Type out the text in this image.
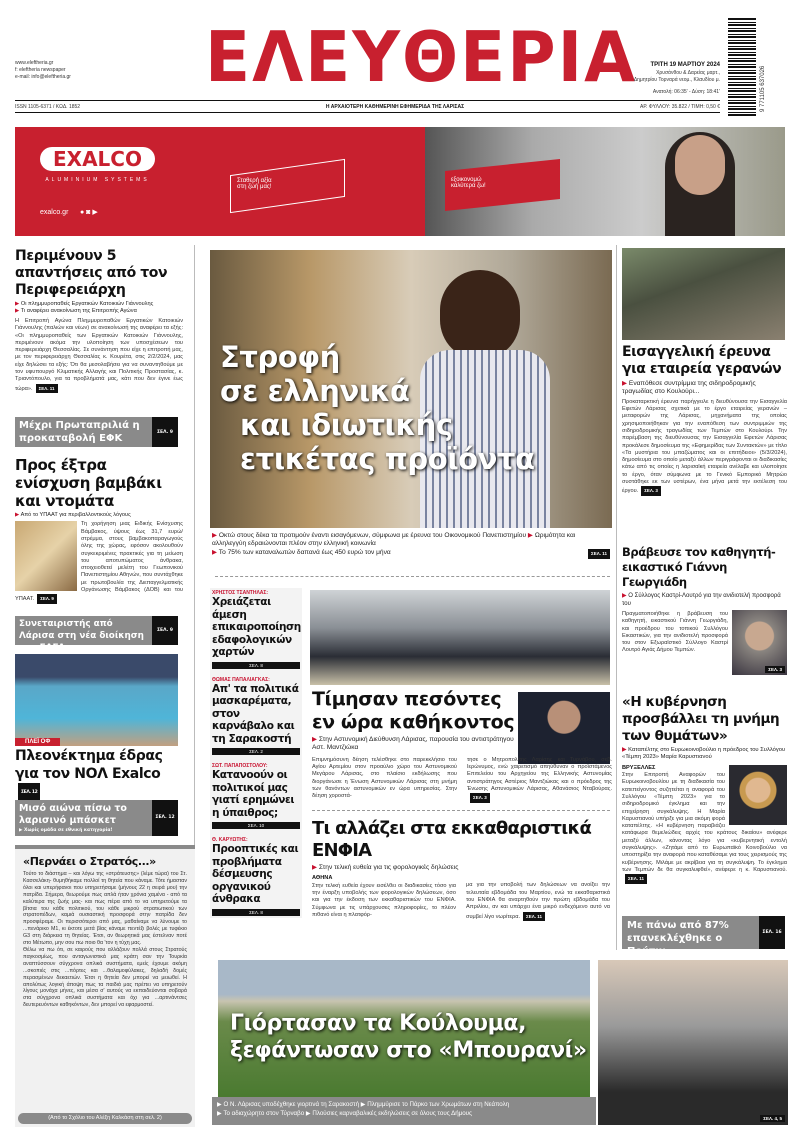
www.eleftheria.gr
f: eleftheria newspaper
e-mail: info@eleftheria.gr ΕΛΕΥΘΕΡΙΑ	ΤΡΙΤΗ 19 ΜΑΡΤΙΟΥ 2024
Χρυσάνθου & Δαρείας μαρτ.,
Δημητρίου Τορναρά νεομ., Κλαυδίου μ.
Ανατολή: 06:35' - Δύση: 18:41'	9 771105 637026
ISSN 1105-6371 / ΚΩΔ. 1852	Η ΑΡΧΑΙΟΤΕΡΗ ΚΑΘΗΜΕΡΙΝΗ ΕΦΗΜΕΡΙΔΑ ΤΗΣ ΛΑΡΙΣΑΣ	ΑΡ. ΦΥΛΛΟΥ: 35.822 / ΤΙΜΗ: 0,50 €
EXALCO
ALUMINIUM SYSTEMS
exalco.gr ● ◙ ▶
Σταθερή αξία
στη ζωή μας!
εξοικονομώ
καλύτερα ζω!
Περιμένουν 5 απαντήσεις από τον Περιφερειάρχη
▶ Οι πλημμυροπαθείς Εργατικών Κατοικιών Γιάννουλης
▶ Τι αναφέρει ανακοίνωση της Επιτροπής Αγώνα
Η Επιτροπή Αγώνα Πλημμυροπαθών Εργατικών Κατοικιών Γιάννουλης (παλιών και νέων) σε ανακοίνωσή της αναφέρει τα εξής: «Οι πλημμυροπαθείς των Εργατικών Κατοικιών Γιάννουλης, περιμένουν ακόμα την υλοποίηση των υποσχέσεων του περιφερειάρχη Θεσσαλίας. Σε συνάντηση που είχε η επιτροπή μας, με τον περιφερειάρχη Θεσσαλίας κ. Κουρέτα, στις 2/2/2024, μας είχε δηλώσει τα εξής: Ότι θα μεσολαβήσει για να συναντηθούμε με τον υφυπουργό Κλιματικής Αλλαγής και Πολιτικής Προστασίας, κ. Τριαντόπουλο, για τα προβλήματά μας, κάτι που δεν έγινε έως τώρα». ΣΕΛ. 11
Μέχρι Πρωταπριλιά η προκαταβολή ΕΦΚ
ΣΕΛ. 9
Προς έξτρα ενίσχυση βαμβάκι και ντομάτα
▶ Από το ΥΠΑΑΤ για περιβαλλοντικούς λόγους
Τη χορήγηση μιας Ειδικής Ενίσχυσης Βάμβακος, ύψους έως 31,7 ευρώ/στρέμμα, στους βαμβακοπαραγωγούς όλης της χώρας, εφόσον ακολουθούν συγκεκριμένες πρακτικές για τη μείωση του αποτυπώματος άνθρακα, στοιχειοθετεί μελέτη του Γεωπονικού Πανεπιστημίου Αθηνών, που συντάχθηκε με πρωτοβουλία της Διεπαγγελματικής Οργάνωσης Βάμβακος (ΔΟΒ) και του ΥΠΑΑΤ. ΣΕΛ. 9
Συνεταιριστής από Λάρισα στη νέα διοίκηση του ΕΛΓΑ
ΣΕΛ. 9
ΠΛΕΪ ΟΦ
Πλεονέκτημα έδρας για τον ΝΟΛ ExalcoΣΕΛ. 12
Μισό αιώνα πίσω το λαρισινό μπάσκετ
▶ Χωρίς ομάδα σε εθνική κατηγορία!
ΣΕΛ. 12
«Περνάει ο Στρατός...»
Τούτο το διάστημα – και λόγω της «στράτευσης» (λέμε τώρα) του Στ. Κασσελάκη- θυμηθήκαμε πολλοί τη θητεία που κάναμε. Τότε ήμασταν όλοι και υπερήφανοι που υπηρετήσαμε (μήνους 22 η σειρά μου) την πατρίδα. Σήμερα, θεωρούμε πως απλά ήταν χρόνια χαμένα - από τα καλύτερα της ζωής μας- και πως πέρα από το να υπηρετούμε τα βίτσια του κάθε πολιτικού, του κάθε μικρού στρατιωτικού των στρατοπέδων, καμιά ουσιαστική προσφορά στην πατρίδα δεν προσφέραμε. Οι περισσότεροι από μας, μαθαίναμε να λύνουμε το ...πενάρικο Μ1, κι έκτοτε μετά βίας κάναμε πεντέξι βολές με τυφέκιο G3 στη διάρκεια τη θητείας. Έτσι, αν θεωρητικά μας έστελναν ποτέ στο Μέτωπο, μην σου πω ποιο θα 'τον η τύχη μας.
Θέλω να πω ότι, σε καιρούς που αλλάζουν πολλά στους Στρατούς παγκοσμίως, που ανταγωνιστικά μας κράτη σαν την Τουρκία αναπτύσσουν σύγχρονα οπλικά συστήματα, εμείς έχουμε ακόμη ...σκοπιές στις ...πόρτες και ...θαλαμοφύλακες, δηλαδή δομές περασμένων δεκαετιών. Έτσι η θητεία δεν μπορεί να μειωθεί. Η απολύτως λογική άποψη πως τα παιδιά μας πρέπει να υπηρετούν λίγους μονάχα μήνες, και μέσα σ' αυτούς να εκπαιδεύονται σοβαρά στα σύγχρονα οπλικά συστήματα και όχι για ...αρτινάντσες δευτερευόντων καθηκόντων, δεν μπορεί να εφαρμοστεί.
(Από το Σχόλιο του Αλέξη Καλκάση στη σελ. 2)
Στροφή
σε ελληνικά
και ιδιωτικής
ετικέτας προϊόντα
▶ Οκτώ στους δέκα τα προτιμούν έναντι εισαγόμενων, σύμφωνα με έρευνα του Οικονομικού Πανεπιστημίου ▶ Ωριμότητα και αλληλεγγύη εδραιώνονται πλέον στην ελληνική κοινωνία
▶ Το 75% των καταναλωτών δαπανά έως 450 ευρώ τον μήνα	ΣΕΛ. 11
ΧΡΗΣΤΟΣ ΤΣΑΝΤΗΛΑΣ:
Χρειάζεται άμεση επικαιροποίηση εδαφολογικών χαρτών
ΣΕΛ. 8
ΘΩΜΑΣ ΠΑΠΑΛΙΑΓΚΑΣ:
Απ' τα πολιτικά μασκαρέματα, στον καρνάβαλο και τη Σαρακοστή
ΣΕΛ. 2
ΣΩΤ. ΠΑΠΑΠΟΣΤΟΛΟΥ:
Κατανοούν οι πολιτικοί μας γιατί ερημώνει η ύπαιθρος;
ΣΕΛ. 10
Θ. ΚΑΡΥΩΤΗΣ:
Προοπτικές και προβλήματα δέσμευσης οργανικού άνθρακα
ΣΕΛ. 8
Τίμησαν πεσόντες εν ώρα καθήκοντος
▶ Στην Αστυνομική Διεύθυνση Λάρισας, παρουσία του αντιστράτηγου Αστ. Μαντζιώκα
Επιμνημόσυνη δέηση τελέσθηκε στο παρεκκλήσιο του Αγίου Αρτεμίου στον προαύλιο χώρο του Αστυνομικού Μεγάρου Λάρισας, στο πλαίσιο εκδήλωσης που διοργάνωσε η Ένωση Αστυνομικών Λάρισας στη μνήμη των θανόντων αστυνομικών εν ώρα υπηρεσίας. Στην δέηση χοροστά-
τησε ο Μητροπολίτης Λαρίσης και Τυρνάβου, σεβ. Ιερώνυμος, ενώ χαιρετισμό απηύθυναν ο προϊστάμενος Επιτελείου του Αρχηγείου της Ελληνικής Αστυνομίας αντιστράτηγος Αστέριος Μαντζιώκας και ο πρόεδρος της Ένωσης Αστυνομικών Λάρισας, Αθανάσιος Νταβούρας.ΣΕΛ. 3
Τι αλλάζει στα εκκαθαριστικά ΕΝΦΙΑ
▶ Στην τελική ευθεία για τις φορολογικές δηλώσεις
ΑΘΗΝΑ
Στην τελική ευθεία έχουν εισέλθει οι διαδικασίες τόσο για την έναρξη υποβολής των φορολογικών δηλώσεων, όσο και για την έκδοση των εκκαθαριστικών του ΕΝΦΙΑ. Σύμφωνα με τις υπάρχουσες πληροφορίες, το πλέον πιθανό είναι η πλατφόρ-
μα για την υποβολή των δηλώσεων να ανοίξει την τελευταία εβδομάδα του Μαρτίου, ενώ τα εκκαθαριστικά του ΕΝΦΙΑ θα αναρτηθούν την πρώτη εβδομάδα του Απριλίου, αν και υπάρχει ένα μικρό ενδεχόμενο αυτό να συμβεί λίγο νωρίτερα. ΣΕΛ. 11
Εισαγγελική έρευνα για εταιρεία γερανών
▶ Εναπόθεσε συντρίμμια της σιδηροδρομικής τραγωδίας στο Κουλούρι...
Προκαταρκτική έρευνα παρήγγειλε η διευθύνουσα την Εισαγγελία Εφετών Λάρισας σχετικά με το έργο εταιρείας γερανών – μεταφορών της Λάρισας, μηχανήματα της οποίας χρησιμοποιήθηκαν για την εναπόθεση των συντριμμιών της σιδηροδρομικής τραγωδίας των Τεμπών στο Κουλούρι. Την παρέμβαση της διευθύνουσας την Εισαγγελία Εφετών Λάρισας προκάλεσε δημοσίευμα της «Εφημερίδας των Συντακτών» με τίτλο «Τα μυστήρια του μπαζώματος και οι επιτήδειοι» (5/3/2024), δημοσίευμα στο οποίο μεταξύ άλλων περιγράφονται οι διαδικασίες κάτω από τις οποίες η λαρισαϊκή εταιρεία ανέλαβε και υλοποίησε το έργο, όταν σύμφωνα με το Γενικό Εμπορικό Μητρώο συστάθηκε εκ των υστέρων, ένα μήνα μετά την εκτέλεση του έργου. ΣΕΛ. 3
Βράβευσε τον καθηγητή-εικαστικό Γιάννη Γεωργιάδη
▶ Ο Σύλλογος Καστρί-Λουτρό για την ανιδιοτελή προσφορά του
ΣΕΛ. 3
Πραγματοποιήθηκε η βράβευση του καθηγητή, εικαστικού Γιάννη Γεωργιάδη, και προέδρου του τοπικού Συλλόγου Εικαστικών, για την ανιδιοτελή προσφορά του στον Εξωραϊστικό Σύλλογο Καστρί Λουτρό Αγιάς Δήμου Τεμπών.
«Η κυβέρνηση προσβάλλει τη μνήμη των θυμάτων»
▶ Καταπέλτης στο Ευρωκοινοβούλιο η πρόεδρος του Συλλόγου «Τέμπη 2023» Μαρία Καρυστιανού
ΒΡΥΞΕΛΛΕΣ
Στην Επιτροπή Αναφορών του Ευρωκοινοβουλίου με τη διαδικασία του κατεπείγοντος συζητείται η αναφορά του Συλλόγου «Τέμπη 2023» για το σιδηροδρομικό έγκλημα και την επιχείρηση συγκάλυψης. Η Μαρία Καρυστιανού υπήρξε για μια ακόμη φορά καταπέλτης. «Η κυβέρνηση παραβιάζει κατάφωρα θεμελιώδεις αρχές του κράτους δικαίου» ανέφερε μεταξύ άλλων, κάνοντας λόγο για «κυβερνητική εντολή συγκάλυψης». «Ζητάμε από το Ευρωπαϊκό Κοινοβούλιο να υποστηρίξει την αναφορά που καταθέσαμε για τους χειρισμούς της κυβέρνησης. Μιλάμε με ακρίβεια για τη συγκάλυψη. Το έγκλημα των Τεμπών δε θα συγκαλυφθεί», ανέφερε η κ. Καρυστιανού.ΣΕΛ. 11
Με πάνω από 87% επανεκλέχθηκε ο Πούτιν
ΣΕΛ. 16
Γιόρτασαν τα Κούλουμα,
ξεφάντωσαν στο «Μπουρανί»
ΣΕΛ. 4, 5
▶ Ο Ν. Λάρισας υποδέχθηκε γιορτινά τη Σαρακοστή ▶ Πλημμύρισε το Πάρκο των Χρωμάτων στη Νεάπολη
▶ Το αδιαχώρητο στον Τύρναβο ▶ Πλούσιες καρναβαλικές εκδηλώσεις σε όλους τους Δήμους
